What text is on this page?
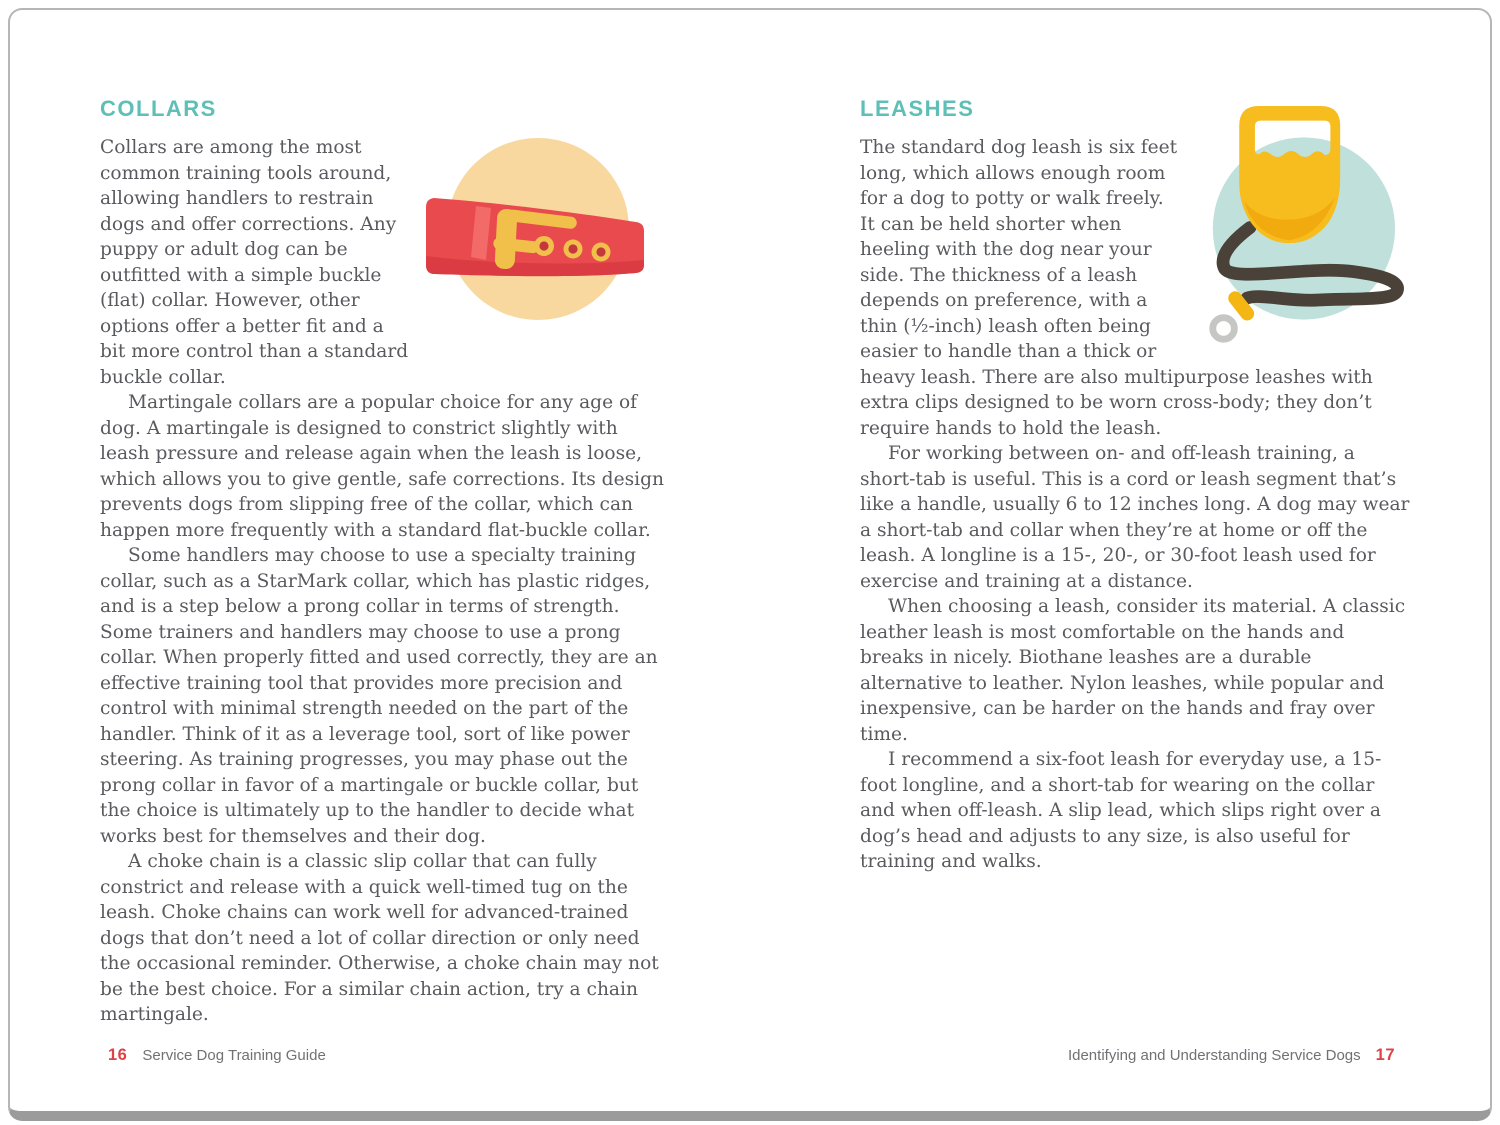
COLLARS

Collars are among the most common training tools around, allowing handlers to restrain dogs and offer corrections. Any puppy or adult dog can be outfitted with a simple buckle (flat) collar. However, other options offer a better fit and a bit more control than a standard buckle collar.

Martingale collars are a popular choice for any age of dog. A martingale is designed to constrict slightly with leash pressure and release again when the leash is loose, which allows you to give gentle, safe corrections. Its design prevents dogs from slipping free of the collar, which can happen more frequently with a standard flat-buckle collar.

Some handlers may choose to use a specialty training collar, such as a StarMark collar, which has plastic ridges, and is a step below a prong collar in terms of strength. Some trainers and handlers may choose to use a prong collar. When properly fitted and used correctly, they are an effective training tool that provides more precision and control with minimal strength needed on the part of the handler. Think of it as a leverage tool, sort of like power steering. As training progresses, you may phase out the prong collar in favor of a martingale or buckle collar, but the choice is ultimately up to the handler to decide what works best for themselves and their dog.

A choke chain is a classic slip collar that can fully constrict and release with a quick well-timed tug on the leash. Choke chains can work well for advanced-trained dogs that don’t need a lot of collar direction or only need the occasional reminder. Otherwise, a choke chain may not be the best choice. For a similar chain action, try a chain martingale.

LEASHES

The standard dog leash is six feet long, which allows enough room for a dog to potty or walk freely. It can be held shorter when heeling with the dog near your side. The thickness of a leash depends on preference, with a thin (½-inch) leash often being easier to handle than a thick or heavy leash. There are also multipurpose leashes with extra clips designed to be worn cross-body; they don’t require hands to hold the leash.

For working between on- and off-leash training, a short-tab is useful. This is a cord or leash segment that’s like a handle, usually 6 to 12 inches long. A dog may wear a short-tab and collar when they’re at home or off the leash. A longline is a 15-, 20-, or 30-foot leash used for exercise and training at a distance.

When choosing a leash, consider its material. A classic leather leash is most comfortable on the hands and breaks in nicely. Biothane leashes are a durable alternative to leather. Nylon leashes, while popular and inexpensive, can be harder on the hands and fray over time.

I recommend a six-foot leash for everyday use, a 15-foot longline, and a short-tab for wearing on the collar and when off-leash. A slip lead, which slips right over a dog’s head and adjusts to any size, is also useful for training and walks.

16 Service Dog Training Guide	Identifying and Understanding Service Dogs 17
